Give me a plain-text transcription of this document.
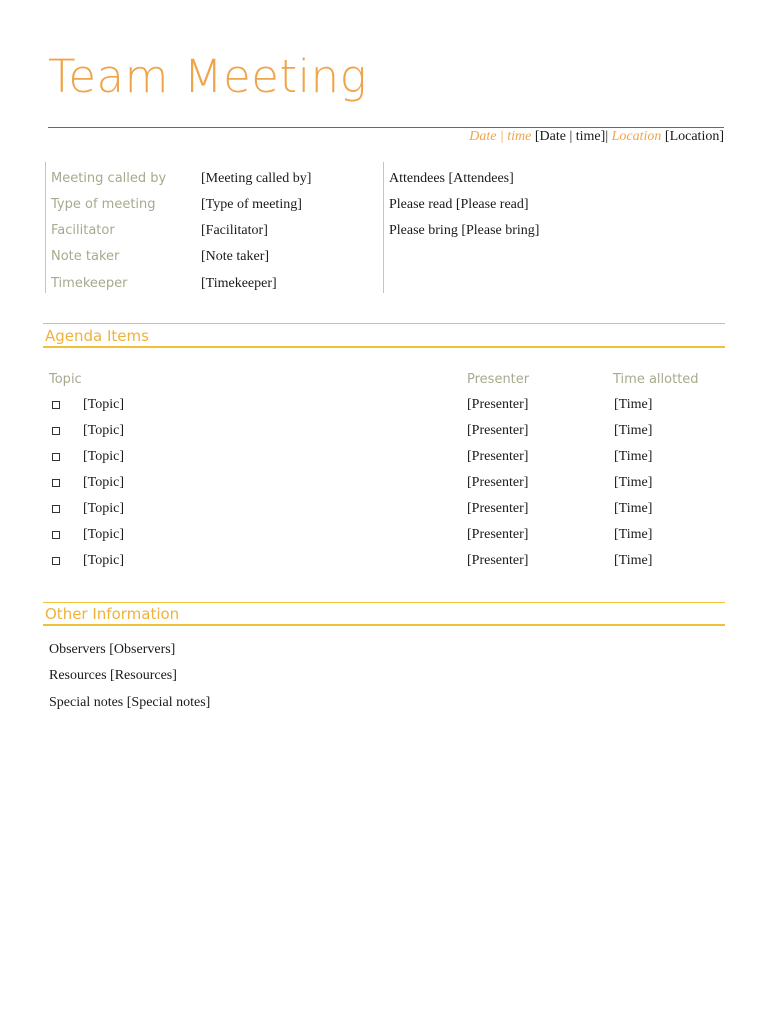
Team Meeting
Date | time [Date | time]| Location [Location]
Meeting called by [Meeting called by]
Type of meeting	[Type of meeting]
Facilitator	[Facilitator]
Note taker	[Note taker]
Timekeeper	[Timekeeper]
Attendees [Attendees]
Please read [Please read]
Please bring [Please bring]
Agenda Items
Topic	Presenter	Time allotted
[Topic]	[Presenter]	[Time]
[Topic]	[Presenter]	[Time]
[Topic]	[Presenter]	[Time]
[Topic]	[Presenter]	[Time]
[Topic]	[Presenter]	[Time]
[Topic]	[Presenter]	[Time]
[Topic]	[Presenter]	[Time]
Other Information
Observers [Observers]
Resources [Resources]
Special notes [Special notes]
